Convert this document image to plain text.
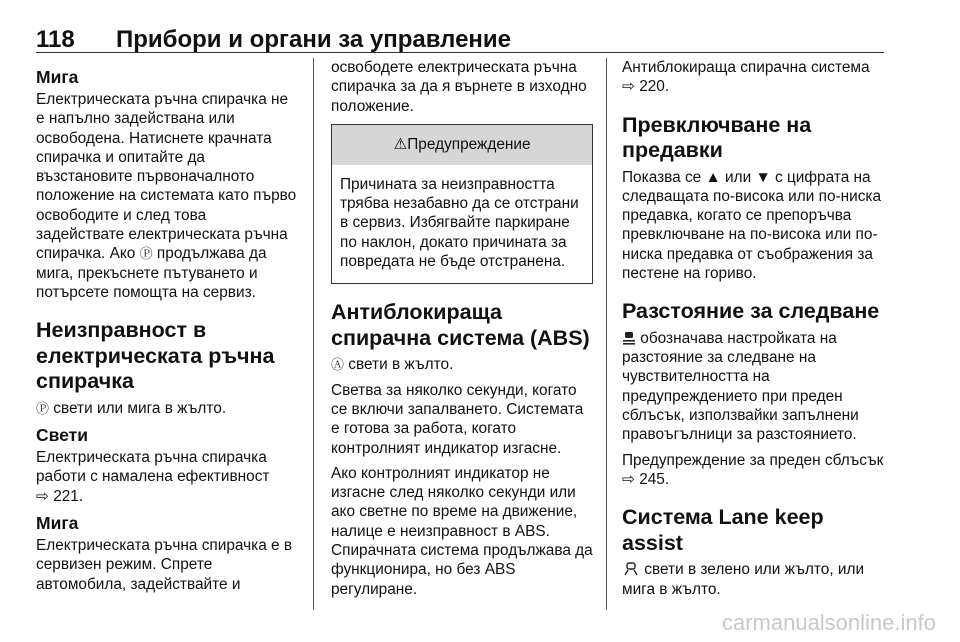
118 Прибори и органи за управление
Мига

Електрическата ръчна спирачка не е напълно задействана или освободена. Натиснете крачната спирачка и опитайте да възстановите първоначалното положение на системата като първо освободите и след това задействате електрическата ръчна спирачка. Ако Ⓟ продължава да мига, прекъснете пътуването и потърсете помощта на сервиз.

Неизправност в електрическата ръчна спирачка

Ⓟ свети или мига в жълто.

Свети

Електрическата ръчна спирачка работи с намалена ефективност
⇨ 221.

Мига

Електрическата ръчна спирачка е в сервизен режим. Спрете автомобила, задействайте и

освободете електрическата ръчна спирачка за да я върнете в изходно положение.

⚠Предупреждение

Причината за неизправността трябва незабавно да се отстрани в сервиз. Избягвайте паркиране по наклон, докато причината за повредата не бъде отстранена.

Антиблокираща спирачна система (ABS)

Ⓐ свети в жълто.

Светва за няколко секунди, когато се включи запалването. Системата е готова за работа, когато контролният индикатор изгасне.

Ако контролният индикатор не изгасне след няколко секунди или ако светне по време на движение, налице е неизправност в ABS. Спирачната система продължава да функционира, но без ABS регулиране.

Антиблокираща спирачна система
⇨ 220.

Превключване на предавки

Показва се ▲ или ▼ с цифрата на следващата по-висока или по-ниска предавка, когато се препоръчва превключване на по-висока или по-ниска предавка от съображения за пестене на гориво.

Разстояние за следване

обозначава настройката на разстояние за следване на чувствителността на предупреждението при преден сблъсък, използвайки запълнени правоъгълници за разстоянието.

Предупреждение за преден сблъсък ⇨ 245.

Система Lane keep assist

свети в зелено или жълто, или мига в жълто.

carmanualsonline.info
